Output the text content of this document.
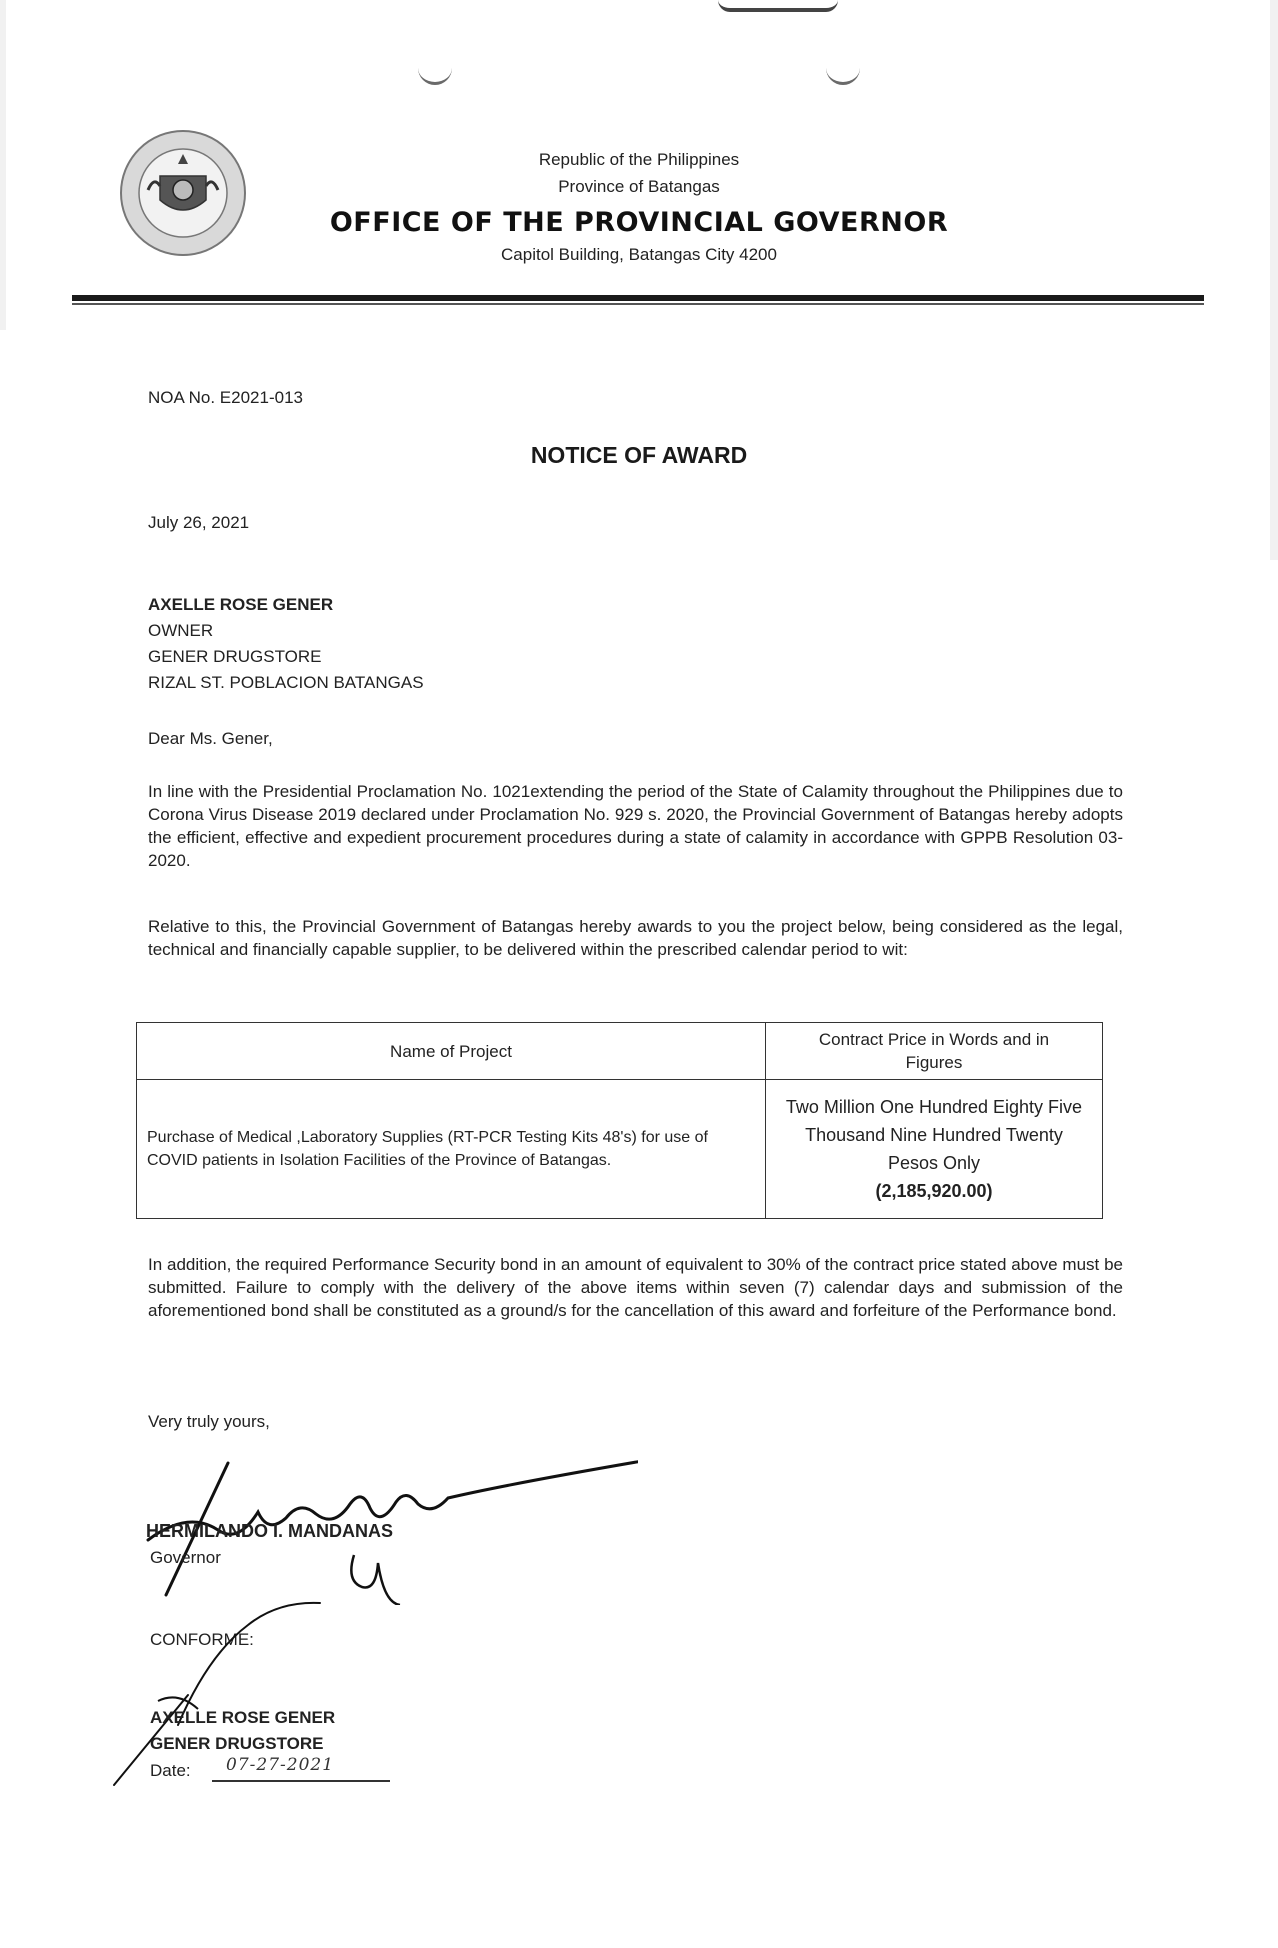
Republic of the Philippines
Province of Batangas
OFFICE OF THE PROVINCIAL GOVERNOR
Capitol Building, Batangas City 4200
NOA No. E2021-013
NOTICE OF AWARD
July 26, 2021
AXELLE ROSE GENER
OWNER
GENER DRUGSTORE
RIZAL ST. POBLACION BATANGAS
Dear Ms. Gener,
In line with the Presidential Proclamation No. 1021extending the period of the State of Calamity throughout the Philippines due to Corona Virus Disease 2019 declared under Proclamation No. 929 s. 2020, the Provincial Government of Batangas hereby adopts the efficient, effective and expedient procurement procedures during a state of calamity in accordance with GPPB Resolution 03-2020.
Relative to this, the Provincial Government of Batangas hereby awards to you the project below, being considered as the legal, technical and financially capable supplier, to be delivered within the prescribed calendar period to wit:
Name of Project	Contract Price in Words and in Figures

Purchase of Medical ,Laboratory Supplies (RT-PCR Testing Kits 48's) for use of COVID patients in Isolation Facilities of the Province of Batangas.	Two Million One Hundred Eighty Five Thousand Nine Hundred Twenty Pesos Only
(2,185,920.00)
In addition, the required Performance Security bond in an amount of equivalent to 30% of the contract price stated above must be submitted. Failure to comply with the delivery of the above items within seven (7) calendar days and submission of the aforementioned bond shall be constituted as a ground/s for the cancellation of this award and forfeiture of the Performance bond.
Very truly yours,
HERMILANDO I. MANDANAS
Governor
CONFORME:
AXELLE ROSE GENER
GENER DRUGSTORE
Date: 07-27-2021
